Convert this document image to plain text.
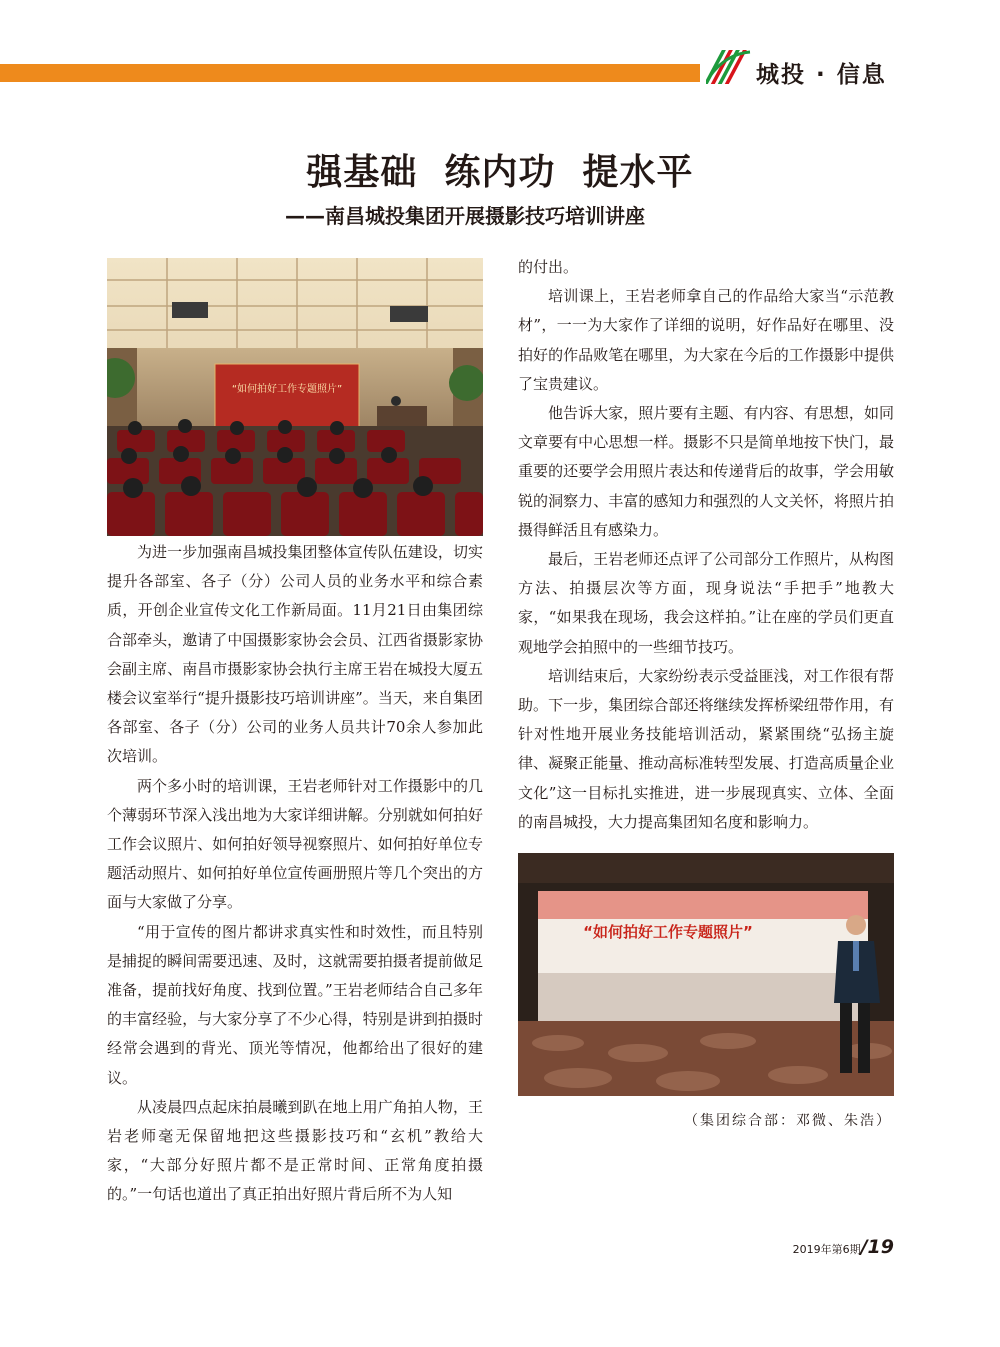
城投 · 信息
强基础  练内功  提水平
——南昌城投集团开展摄影技巧培训讲座
“如何拍好工作专题照片”

为进一步加强南昌城投集团整体宣传队伍建设，切实提升各部室、各子（分）公司人员的业务水平和综合素质，开创企业宣传文化工作新局面。11月21日由集团综合部牵头，邀请了中国摄影家协会会员、江西省摄影家协会副主席、南昌市摄影家协会执行主席王岩在城投大厦五楼会议室举行“提升摄影技巧培训讲座”。当天，来自集团各部室、各子（分）公司的业务人员共计70余人参加此次培训。

两个多小时的培训课，王岩老师针对工作摄影中的几个薄弱环节深入浅出地为大家详细讲解。分别就如何拍好工作会议照片、如何拍好领导视察照片、如何拍好单位专题活动照片、如何拍好单位宣传画册照片等几个突出的方面与大家做了分享。

“用于宣传的图片都讲求真实性和时效性，而且特别是捕捉的瞬间需要迅速、及时，这就需要拍摄者提前做足准备，提前找好角度、找到位置。”王岩老师结合自己多年的丰富经验，与大家分享了不少心得，特别是讲到拍摄时经常会遇到的背光、顶光等情况，他都给出了很好的建议。

从凌晨四点起床拍晨曦到趴在地上用广角拍人物，王岩老师毫无保留地把这些摄影技巧和“玄机”教给大家，“大部分好照片都不是正常时间、正常角度拍摄的。”一句话也道出了真正拍出好照片背后所不为人知

的付出。

培训课上，王岩老师拿自己的作品给大家当“示范教材”，一一为大家作了详细的说明，好作品好在哪里、没拍好的作品败笔在哪里，为大家在今后的工作摄影中提供了宝贵建议。

他告诉大家，照片要有主题、有内容、有思想，如同文章要有中心思想一样。摄影不只是简单地按下快门，最重要的还要学会用照片表达和传递背后的故事，学会用敏锐的洞察力、丰富的感知力和强烈的人文关怀，将照片拍摄得鲜活且有感染力。

最后，王岩老师还点评了公司部分工作照片，从构图方法、拍摄层次等方面，现身说法“手把手”地教大家，“如果我在现场，我会这样拍。”让在座的学员们更直观地学会拍照中的一些细节技巧。

培训结束后，大家纷纷表示受益匪浅，对工作很有帮助。下一步，集团综合部还将继续发挥桥梁纽带作用，有针对性地开展业务技能培训活动，紧紧围绕“弘扬主旋律、凝聚正能量、推动高标准转型发展、打造高质量企业文化”这一目标扎实推进，进一步展现真实、立体、全面的南昌城投，大力提高集团知名度和影响力。

“如何拍好工作专题照片”
（集团综合部：邓微、朱浩）
2019年第6期/19
